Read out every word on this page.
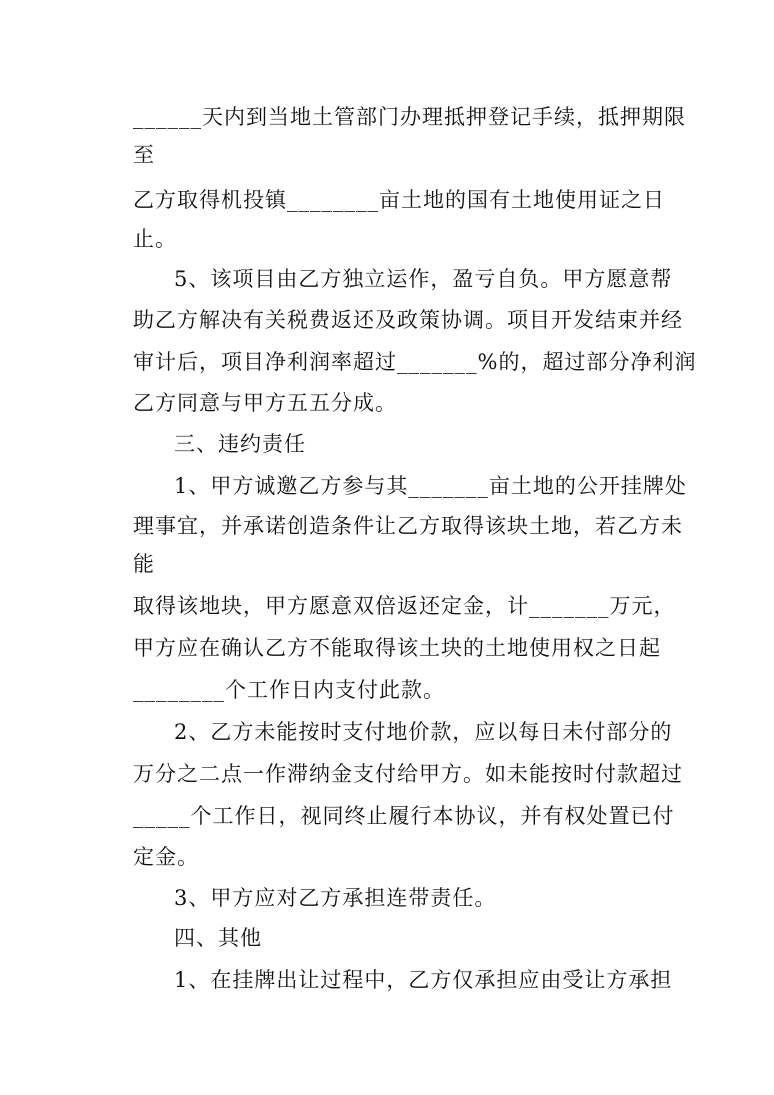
______天内到当地土管部门办理抵押登记手续，抵押期限
至
乙方取得机投镇________亩土地的国有土地使用证之日
止。
5、该项目由乙方独立运作，盈亏自负。甲方愿意帮
助乙方解决有关税费返还及政策协调。项目开发结束并经
审计后，项目净利润率超过_______%的，超过部分净利润
乙方同意与甲方五五分成。
三、违约责任
1、甲方诚邀乙方参与其_______亩土地的公开挂牌处
理事宜，并承诺创造条件让乙方取得该块土地，若乙方未
能
取得该地块，甲方愿意双倍返还定金，计_______万元，
甲方应在确认乙方不能取得该土块的土地使用权之日起
________个工作日内支付此款。
2、乙方未能按时支付地价款，应以每日未付部分的
万分之二点一作滞纳金支付给甲方。如未能按时付款超过
_____个工作日，视同终止履行本协议，并有权处置已付
定金。
3、甲方应对乙方承担连带责任。
四、其他
1、在挂牌出让过程中，乙方仅承担应由受让方承担
